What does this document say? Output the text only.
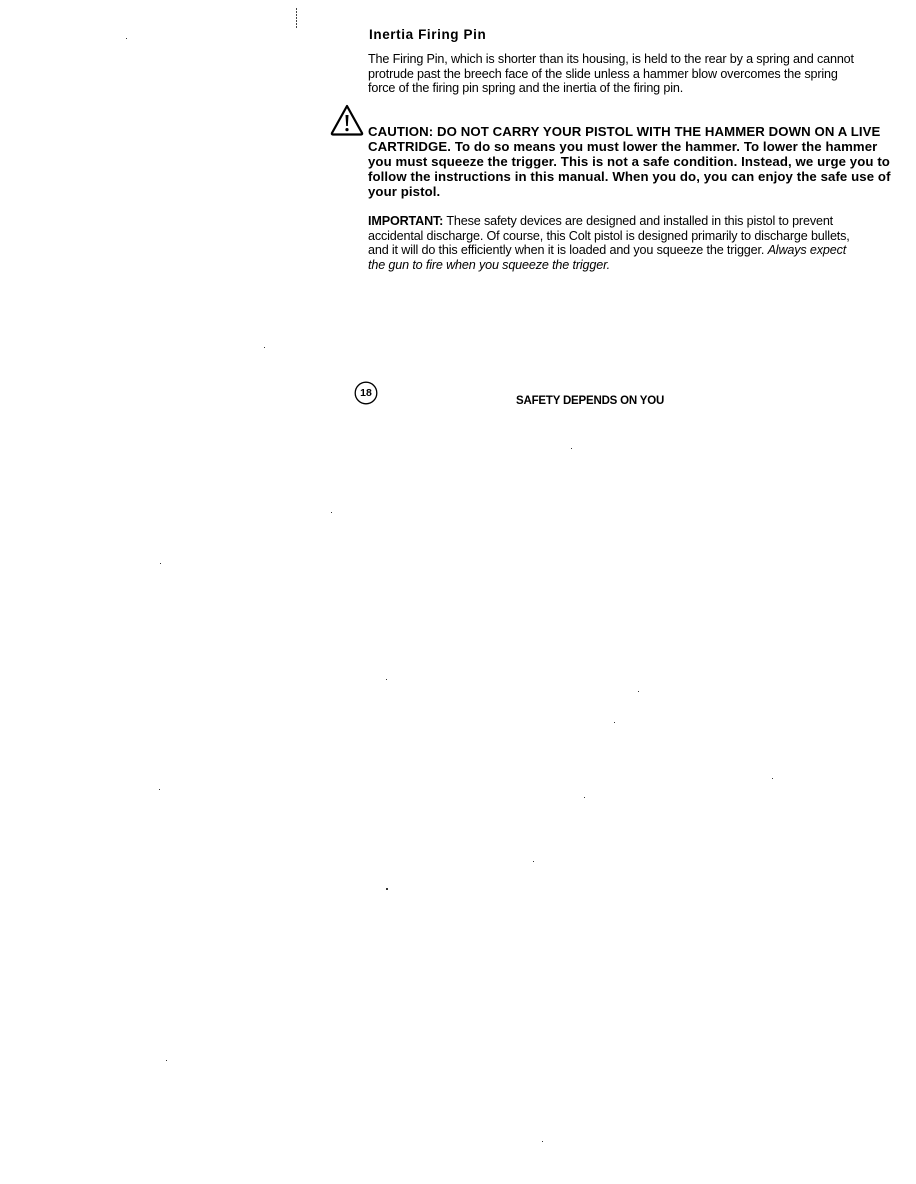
Inertia Firing Pin

The Firing Pin, which is shorter than its housing, is held to the rear by a spring and cannot protrude past the breech face of the slide unless a hammer blow overcomes the spring force of the firing pin spring and the inertia of the firing pin.

CAUTION: DO NOT CARRY YOUR PISTOL WITH THE HAMMER DOWN ON A LIVE CARTRIDGE. To do so means you must lower the hammer. To lower the hammer you must squeeze the trigger. This is not a safe condition. Instead, we urge you to follow the instructions in this manual. When you do, you can enjoy the safe use of your pistol.

IMPORTANT: These safety devices are designed and installed in this pistol to prevent accidental discharge. Of course, this Colt pistol is designed primarily to discharge bullets, and it will do this efficiently when it is loaded and you squeeze the trigger. Always expect the gun to fire when you squeeze the trigger.

18

SAFETY DEPENDS ON YOU
